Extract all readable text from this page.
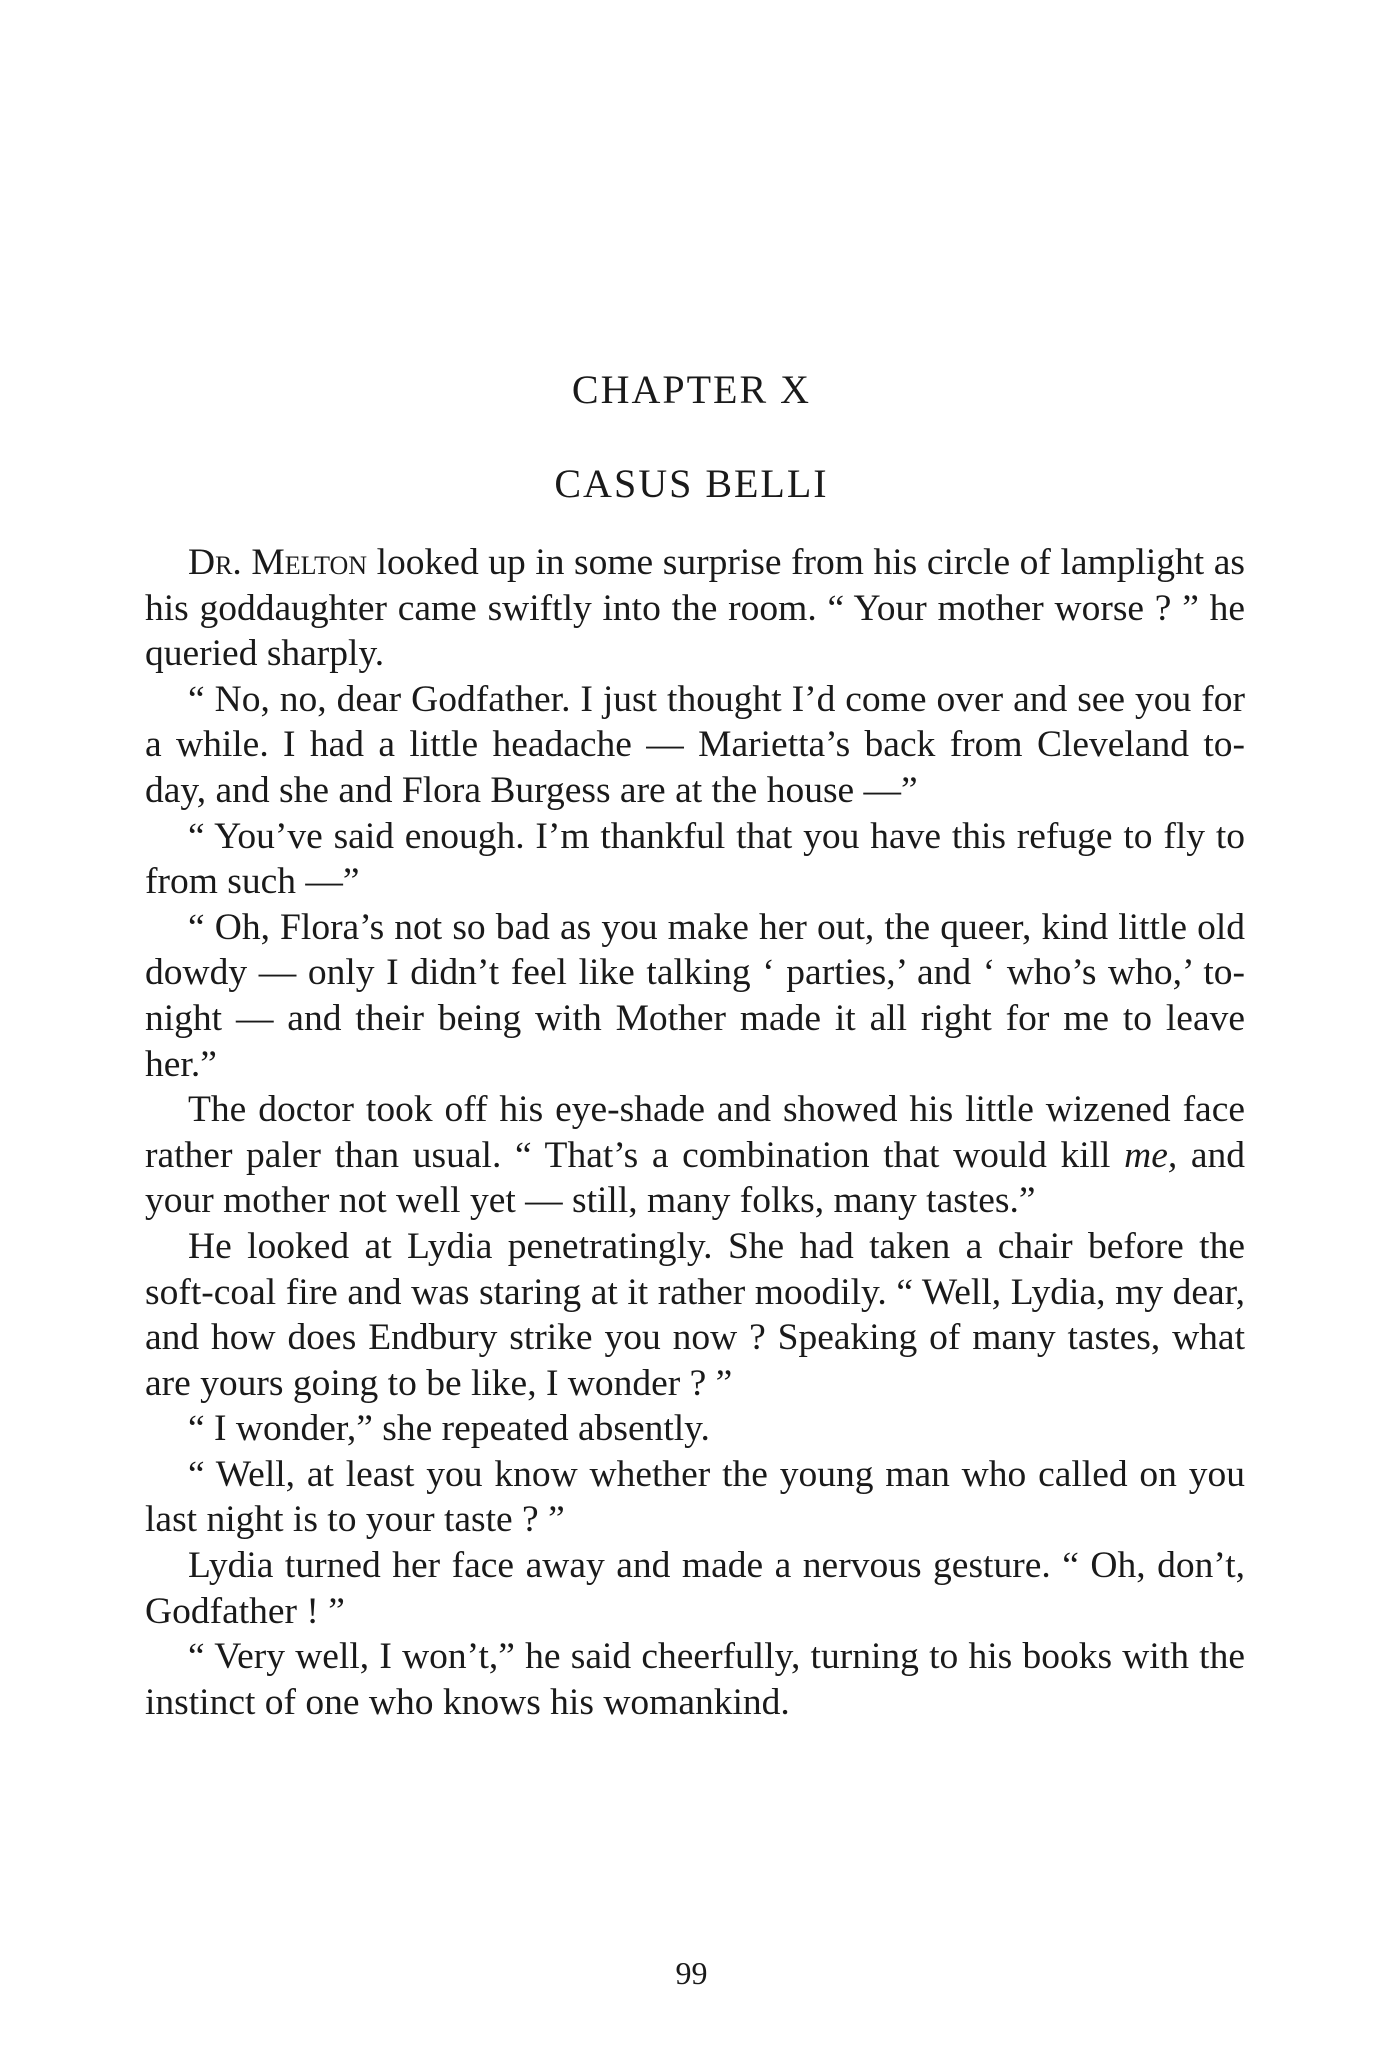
CHAPTER X
CASUS BELLI

Dr. Melton looked up in some surprise from his circle of lamplight as his goddaughter came swiftly into the room. “ Your mother worse ? ” he queried sharply.

“ No, no, dear Godfather. I just thought I’d come over and see you for a while. I had a little headache — Marietta’s back from Cleveland to-day, and she and Flora Burgess are at the house —”

“ You’ve said enough. I’m thankful that you have this refuge to fly to from such —”

“ Oh, Flora’s not so bad as you make her out, the queer, kind little old dowdy — only I didn’t feel like talking ‘ parties,’ and ‘ who’s who,’ to-night — and their being with Mother made it all right for me to leave her.”

The doctor took off his eye-shade and showed his little wizened face rather paler than usual. “ That’s a combination that would kill me, and your mother not well yet — still, many folks, many tastes.”

He looked at Lydia penetratingly. She had taken a chair before the soft-coal fire and was staring at it rather moodily. “ Well, Lydia, my dear, and how does Endbury strike you now ? Speaking of many tastes, what are yours going to be like, I wonder ? ”

“ I wonder,” she repeated absently.

“ Well, at least you know whether the young man who called on you last night is to your taste ? ”

Lydia turned her face away and made a nervous gesture. “ Oh, don’t, Godfather ! ”

“ Very well, I won’t,” he said cheerfully, turning to his books with the instinct of one who knows his womankind.

99
